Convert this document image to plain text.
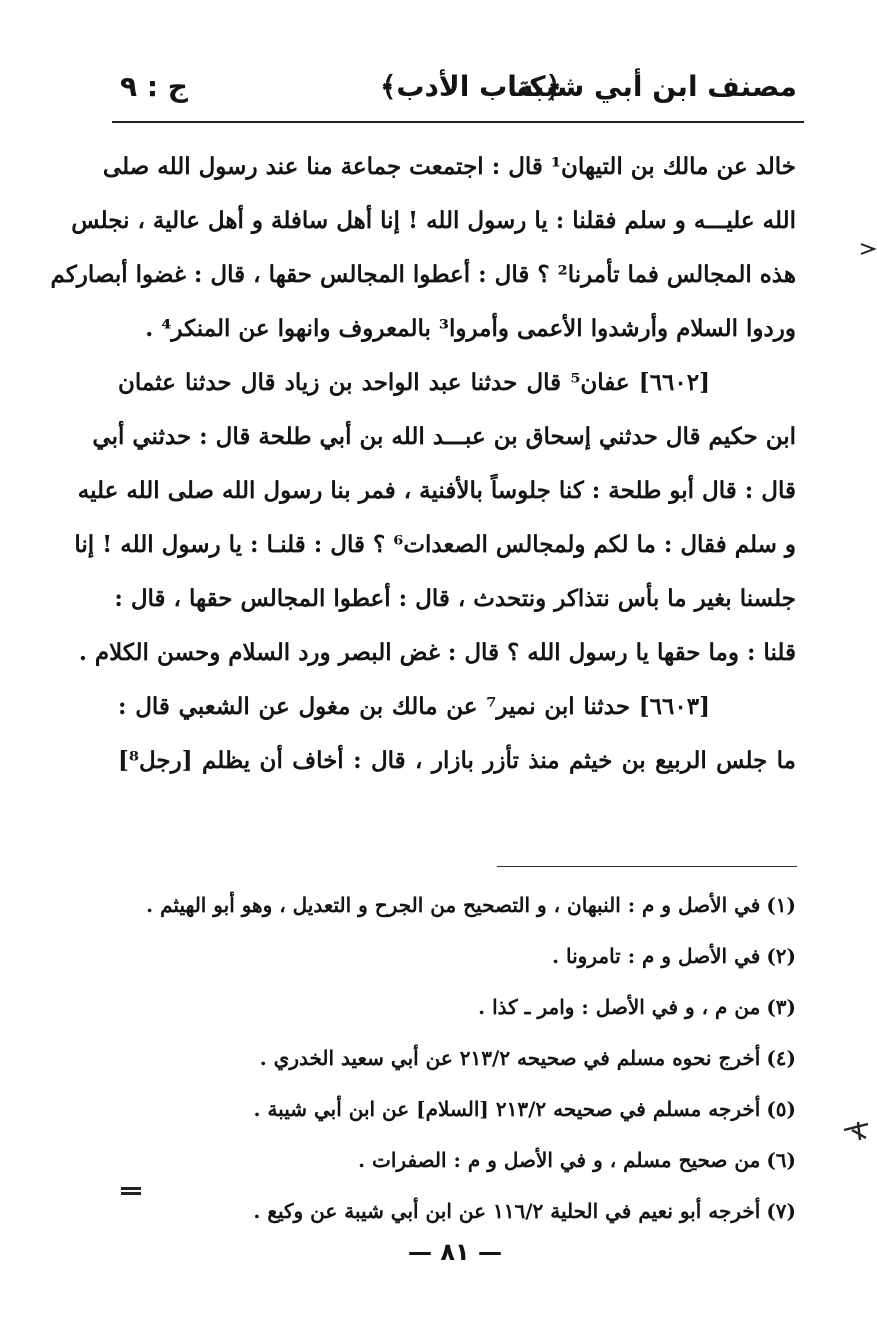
مصنف ابن أبي شيبة
﴿كتاب الأدب﴾
ج : ٩
خالد عن مالك بن التيهان¹ قال : اجتمعت جماعة منا عند رسول الله صلى
الله عليـــه و سلم فقلنا : يا رسول الله ! إنا أهل سافلة و أهل عالية ، نجلس
هذه المجالس فما تأمرنا² ؟ قال : أعطوا المجالس حقها ، قال : غضوا أبصاركم
وردوا السلام وأرشدوا الأعمى وأمروا³ بالمعروف وانهوا عن المنكر⁴ .
[٦٦٠٢] عفان⁵ قال حدثنا عبد الواحد بن زياد قال حدثنا عثمان
ابن حكيم قال حدثني إسحاق بن عبـــد الله بن أبي طلحة قال : حدثني أبي
قال : قال أبو طلحة : كنا جلوساً بالأفنية ، فمر بنا رسول الله صلى الله عليه
و سلم فقال : ما لكم ولمجالس الصعدات⁶ ؟ قال : قلنـا : يا رسول الله ! إنا
جلسنا بغير ما بأس نتذاكر ونتحدث ، قال : أعطوا المجالس حقها ، قال :
قلنا : وما حقها يا رسول الله ؟ قال : غض البصر ورد السلام وحسن الكلام .
[٦٦٠٣] حدثنا ابن نمير⁷ عن مالك بن مغول عن الشعبي قال :
ما جلس الربيع بن خيثم منذ تأزر بازار ، قال : أخاف أن يظلم [رجل⁸]
(١)في الأصل و م : النبهان ، و التصحيح من الجرح و التعديل ، وهو أبو الهيثم .
(٢)في الأصل و م : تامرونا .
(٣)من م ، و في الأصل : وامر ـ كذا .
(٤)أخرج نحوه مسلم في صحيحه ٢١٣/٢ عن أبي سعيد الخدري .
(٥)أخرجه مسلم في صحيحه ٢١٣/٢ [السلام] عن ابن أبي شيبة .
(٦)من صحيح مسلم ، و في الأصل و م : الصفرات .
(٧)أخرجه أبو نعيم في الحلية ١١٦/٢ عن ابن أبي شيبة عن وكيع .
— ٨١ —
